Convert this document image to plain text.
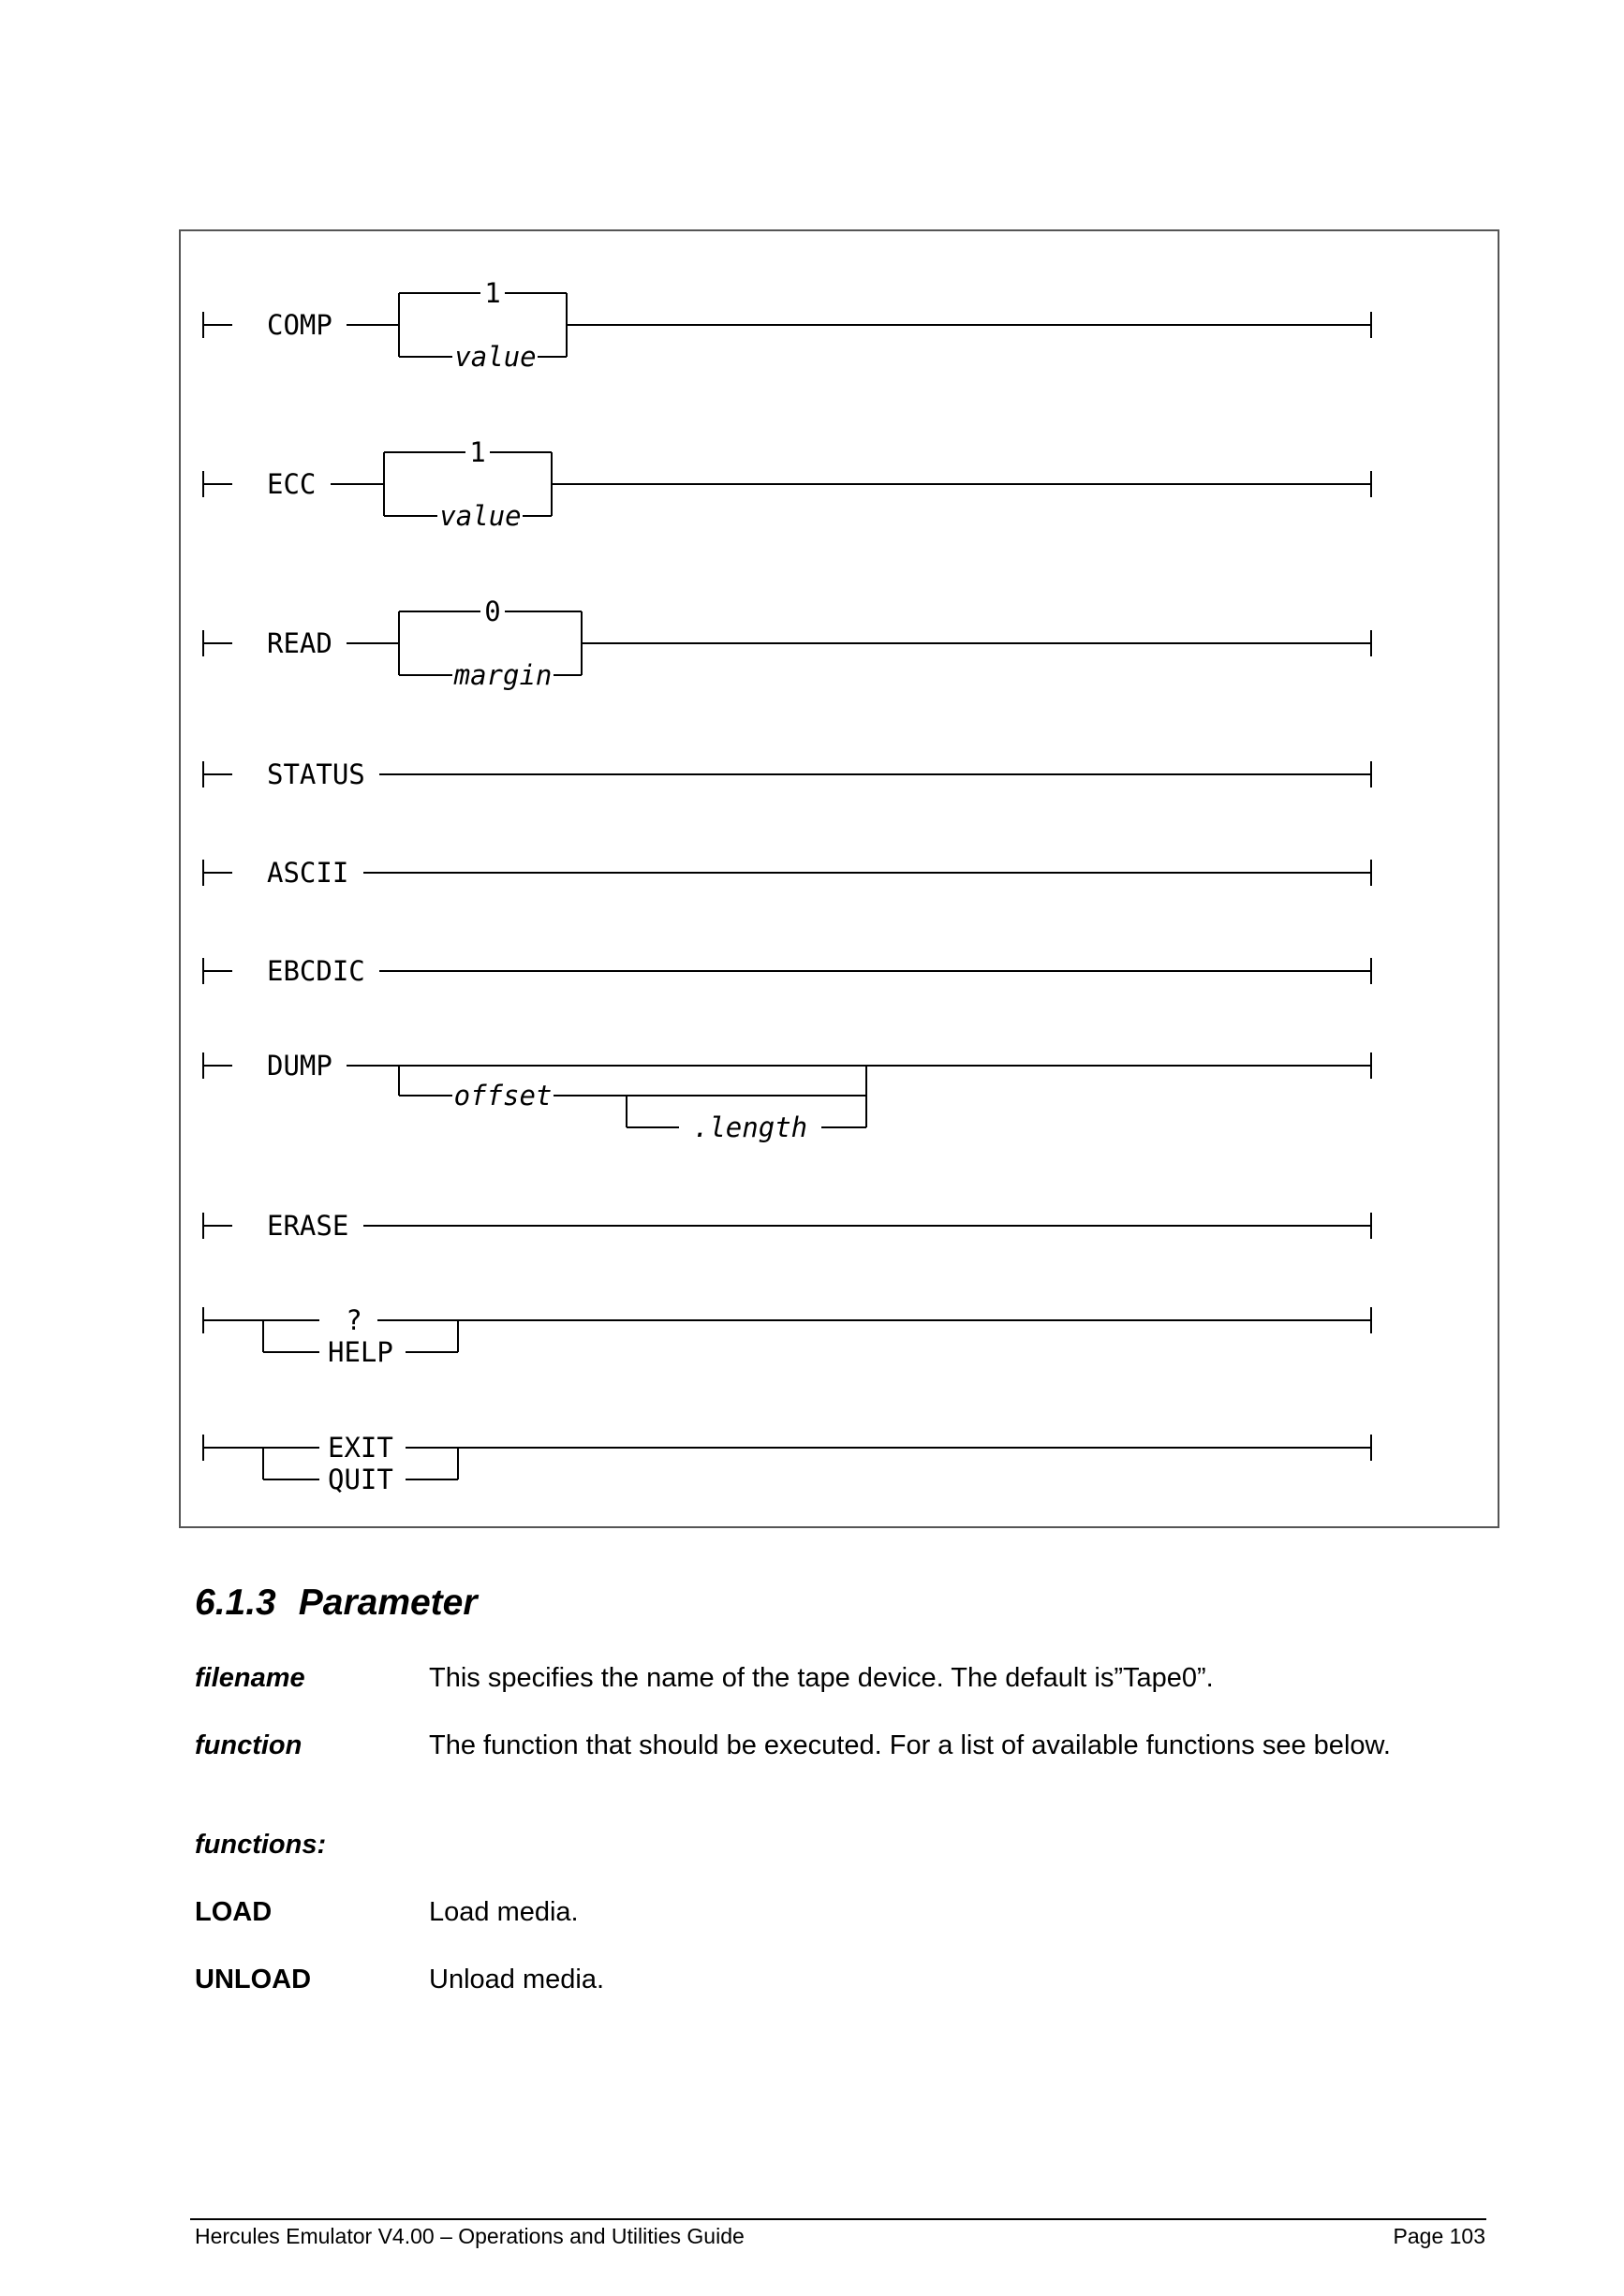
COMP
1
value
ECC
1
value
READ
0
margin
STATUS
ASCII
EBCDIC
DUMP
offset
.length
ERASE
?
HELP
EXIT
QUIT
6.1.3 Parameter
filename	This specifies the name of the tape device. The default is”Tape0”.
function	The function that should be executed. For a list of available functions see below.
functions:
LOAD	Load media.
UNLOAD	Unload media.
Hercules Emulator V4.00 – Operations and Utilities Guide	Page 103
